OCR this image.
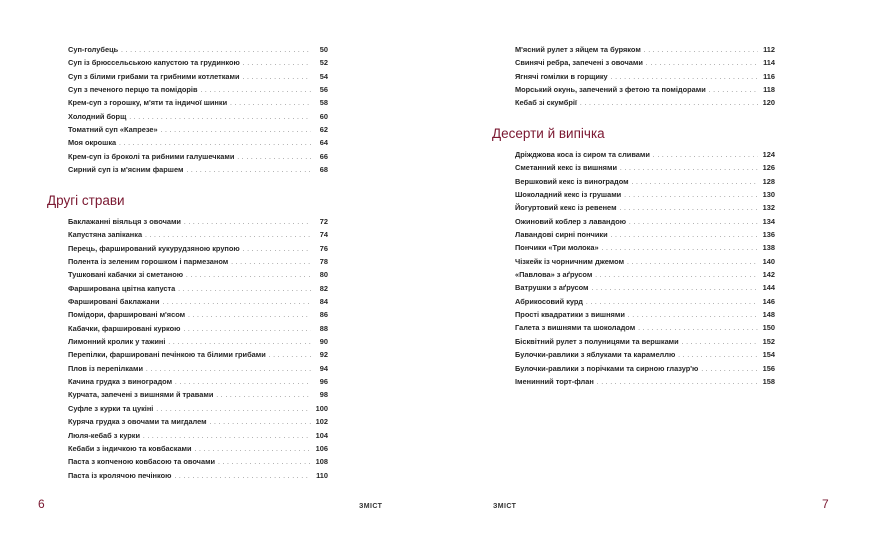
Суп-голубець . . .	50
Суп із брюссельською капустою та грудинкою . . .	52
Суп з білими грибами та грибними котлетками . . .	54
Суп з печеного перцю та помідорів . . .	56
Крем-суп з горошку, м'яти та індичої шинки . . .	58
Холодний борщ . . .	60
Томатний суп «Капрезе» . . .	62
Моя окрошка . . .	64
Крем-суп із броколі та рибними галушечками . . .	66
Сирний суп із м'ясним фаршем . . .	68
Другі страви
Баклажанні віяльця з овочами . . .	72
Капустяна запіканка . . .	74
Перець, фарширований кукурудзяною крупою . . .	76
Полента із зеленим горошком і пармезаном . . .	78
Тушковані кабачки зі сметаною . . .	80
Фарширована цвітна капуста . . .	82
Фаршировані баклажани . . .	84
Помідори, фаршировані м'ясом . . .	86
Кабачки, фаршировані куркою . . .	88
Лимонний кролик у тажині . . .	90
Перепілки, фаршировані печінкою та білими грибами . . .	92
Плов із перепілками . . .	94
Качина грудка з виноградом . . .	96
Курчата, запечені з вишнями й травами . . .	98
Суфле з курки та цукіні . . .	100
Куряча грудка з овочами та мигдалем . . .	102
Люля-кебаб з курки . . .	104
Кебаби з індичкою та ковбасками . . .	106
Паста з копченою ковбасою та овочами . . .	108
Паста із кролячою печінкою . . .	110
6	ЗМІСТ
М'ясний рулет з яйцем та буряком . . .	112
Свинячі ребра, запечені з овочами . . .	114
Ягнячі гомілки в горщику . . .	116
Морський окунь, запечений з фетою та помідорами . . .	118
Кебаб зі скумбрії . . .	120
Десерти й випічка
Дріжджова коса із сиром та сливами . . .	124
Сметанний кекс із вишнями . . .	126
Вершковий кекс із виноградом . . .	128
Шоколадний кекс із грушами . . .	130
Йогуртовий кекс із ревенем . . .	132
Ожиновий коблер з лавандою . . .	134
Лавандові сирні пончики . . .	136
Пончики «Три молока» . . .	138
Чізкейк із чорничним джемом . . .	140
«Павлова» з аґрусом . . .	142
Ватрушки з аґрусом . . .	144
Абрикосовий курд . . .	146
Прості квадратики з вишнями . . .	148
Галета з вишнями та шоколадом . . .	150
Бісквітний рулет з полуницями та вершками . . .	152
Булочки-равлики з яблуками та карамеллю . . .	154
Булочки-равлики з порічками та сирною глазур'ю . . .	156
Іменинний торт-флан . . .	158
ЗМІСТ	7
